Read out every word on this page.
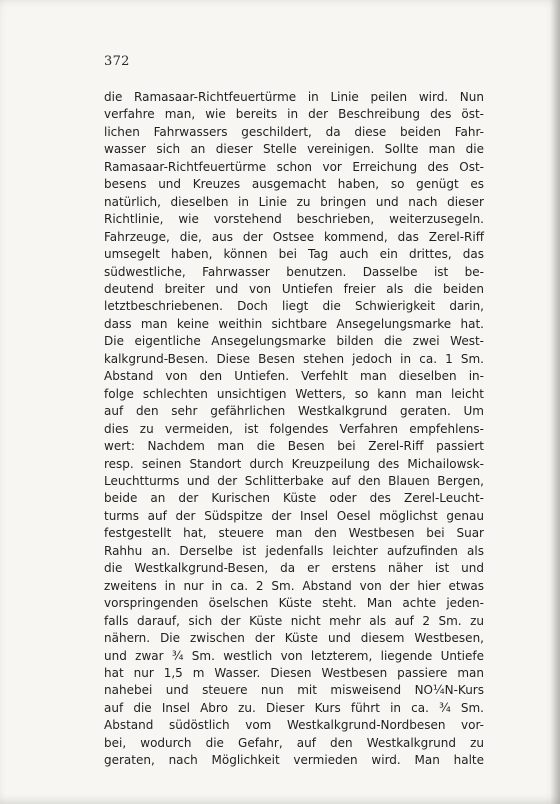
372
die Ramasaar-Richtfeuertürme in Linie peilen wird. Nun
verfahre man, wie bereits in der Beschreibung des öst-
lichen Fahrwassers geschildert, da diese beiden Fahr-
wasser sich an dieser Stelle vereinigen. Sollte man die
Ramasaar-Richtfeuertürme schon vor Erreichung des Ost-
besens und Kreuzes ausgemacht haben, so genügt es
natürlich, dieselben in Linie zu bringen und nach dieser
Richtlinie, wie vorstehend beschrieben, weiterzusegeln.
Fahrzeuge, die, aus der Ostsee kommend, das Zerel-Riff
umsegelt haben, können bei Tag auch ein drittes, das
südwestliche, Fahrwasser benutzen. Dasselbe ist be-
deutend breiter und von Untiefen freier als die beiden
letztbeschriebenen. Doch liegt die Schwierigkeit darin,
dass man keine weithin sichtbare Ansegelungsmarke hat.
Die eigentliche Ansegelungsmarke bilden die zwei West-
kalkgrund-Besen. Diese Besen stehen jedoch in ca. 1 Sm.
Abstand von den Untiefen. Verfehlt man dieselben in-
folge schlechten unsichtigen Wetters, so kann man leicht
auf den sehr gefährlichen Westkalkgrund geraten. Um
dies zu vermeiden, ist folgendes Verfahren empfehlens-
wert: Nachdem man die Besen bei Zerel-Riff passiert
resp. seinen Standort durch Kreuzpeilung des Michailowsk-
Leuchtturms und der Schlitterbake auf den Blauen Bergen,
beide an der Kurischen Küste oder des Zerel-Leucht-
turms auf der Südspitze der Insel Oesel möglichst genau
festgestellt hat, steuere man den Westbesen bei Suar
Rahhu an. Derselbe ist jedenfalls leichter aufzufinden als
die Westkalkgrund-Besen, da er erstens näher ist und
zweitens in nur in ca. 2 Sm. Abstand von der hier etwas
vorspringenden öselschen Küste steht. Man achte jeden-
falls darauf, sich der Küste nicht mehr als auf 2 Sm. zu
nähern. Die zwischen der Küste und diesem Westbesen,
und zwar ¾ Sm. westlich von letzterem, liegende Untiefe
hat nur 1,5 m Wasser. Diesen Westbesen passiere man
nahebei und steuere nun mit misweisend NO¼N-Kurs
auf die Insel Abro zu. Dieser Kurs führt in ca. ¾ Sm.
Abstand südöstlich vom Westkalkgrund-Nordbesen vor-
bei, wodurch die Gefahr, auf den Westkalkgrund zu
geraten, nach Möglichkeit vermieden wird. Man halte
